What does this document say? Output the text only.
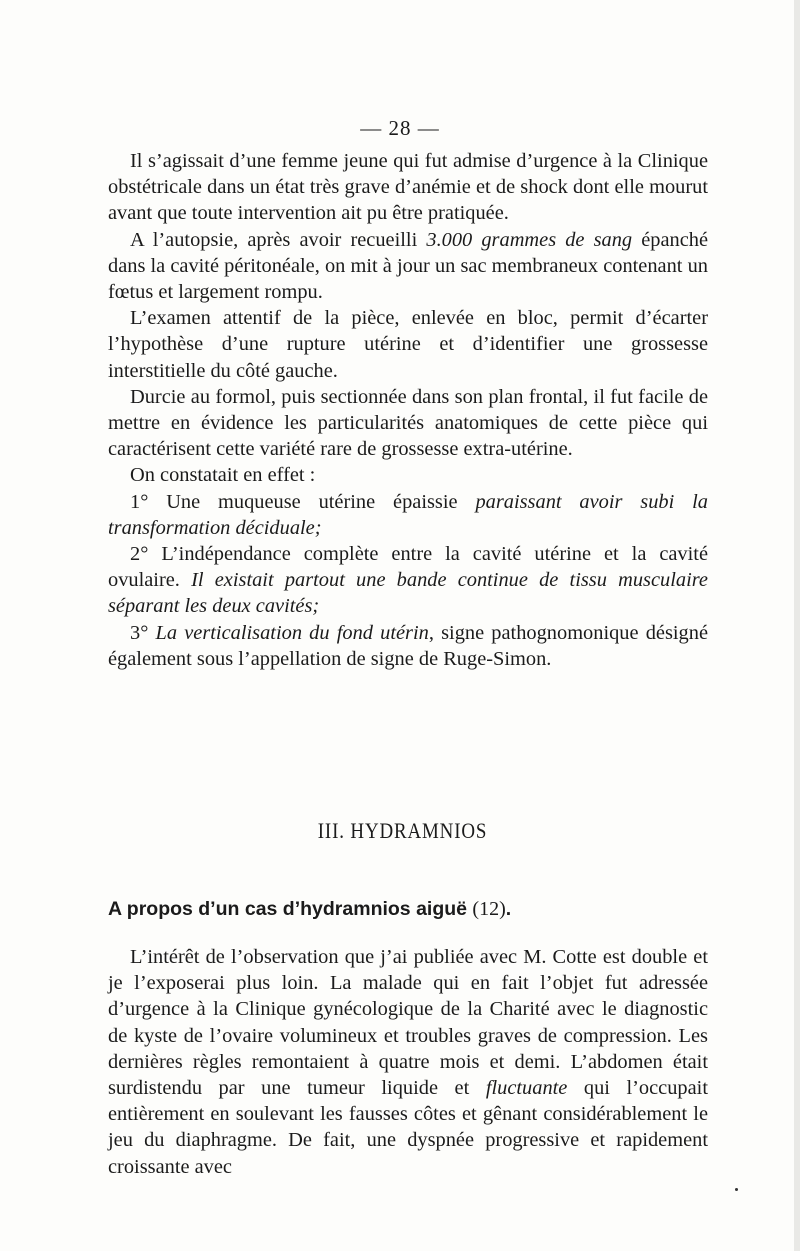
— 28 —

Il s’agissait d’une femme jeune qui fut admise d’urgence à la Clinique obstétricale dans un état très grave d’anémie et de shock dont elle mourut avant que toute intervention ait pu être pratiquée.

A l’autopsie, après avoir recueilli 3.000 grammes de sang épanché dans la cavité péritonéale, on mit à jour un sac membraneux contenant un fœtus et largement rompu.

L’examen attentif de la pièce, enlevée en bloc, permit d’écarter l’hypothèse d’une rupture utérine et d’identifier une grossesse interstitielle du côté gauche.

Durcie au formol, puis sectionnée dans son plan frontal, il fut facile de mettre en évidence les particularités anatomiques de cette pièce qui caractérisent cette variété rare de grossesse extra-utérine.

On constatait en effet :

1° Une muqueuse utérine épaissie paraissant avoir subi la transformation déciduale;

2° L’indépendance complète entre la cavité utérine et la cavité ovulaire. Il existait partout une bande continue de tissu musculaire séparant les deux cavités;

3° La verticalisation du fond utérin, signe pathognomonique désigné également sous l’appellation de signe de Ruge-Simon.

III. HYDRAMNIOS
A propos d’un cas d’hydramnios aiguë (12).

L’intérêt de l’observation que j’ai publiée avec M. Cotte est double et je l’exposerai plus loin. La malade qui en fait l’objet fut adressée d’urgence à la Clinique gynécologique de la Charité avec le diagnostic de kyste de l’ovaire volumineux et troubles graves de compression. Les dernières règles remontaient à quatre mois et demi. L’abdomen était surdistendu par une tumeur liquide et fluctuante qui l’occupait entièrement en soulevant les fausses côtes et gênant considérablement le jeu du diaphragme. De fait, une dyspnée progressive et rapidement croissante avec
